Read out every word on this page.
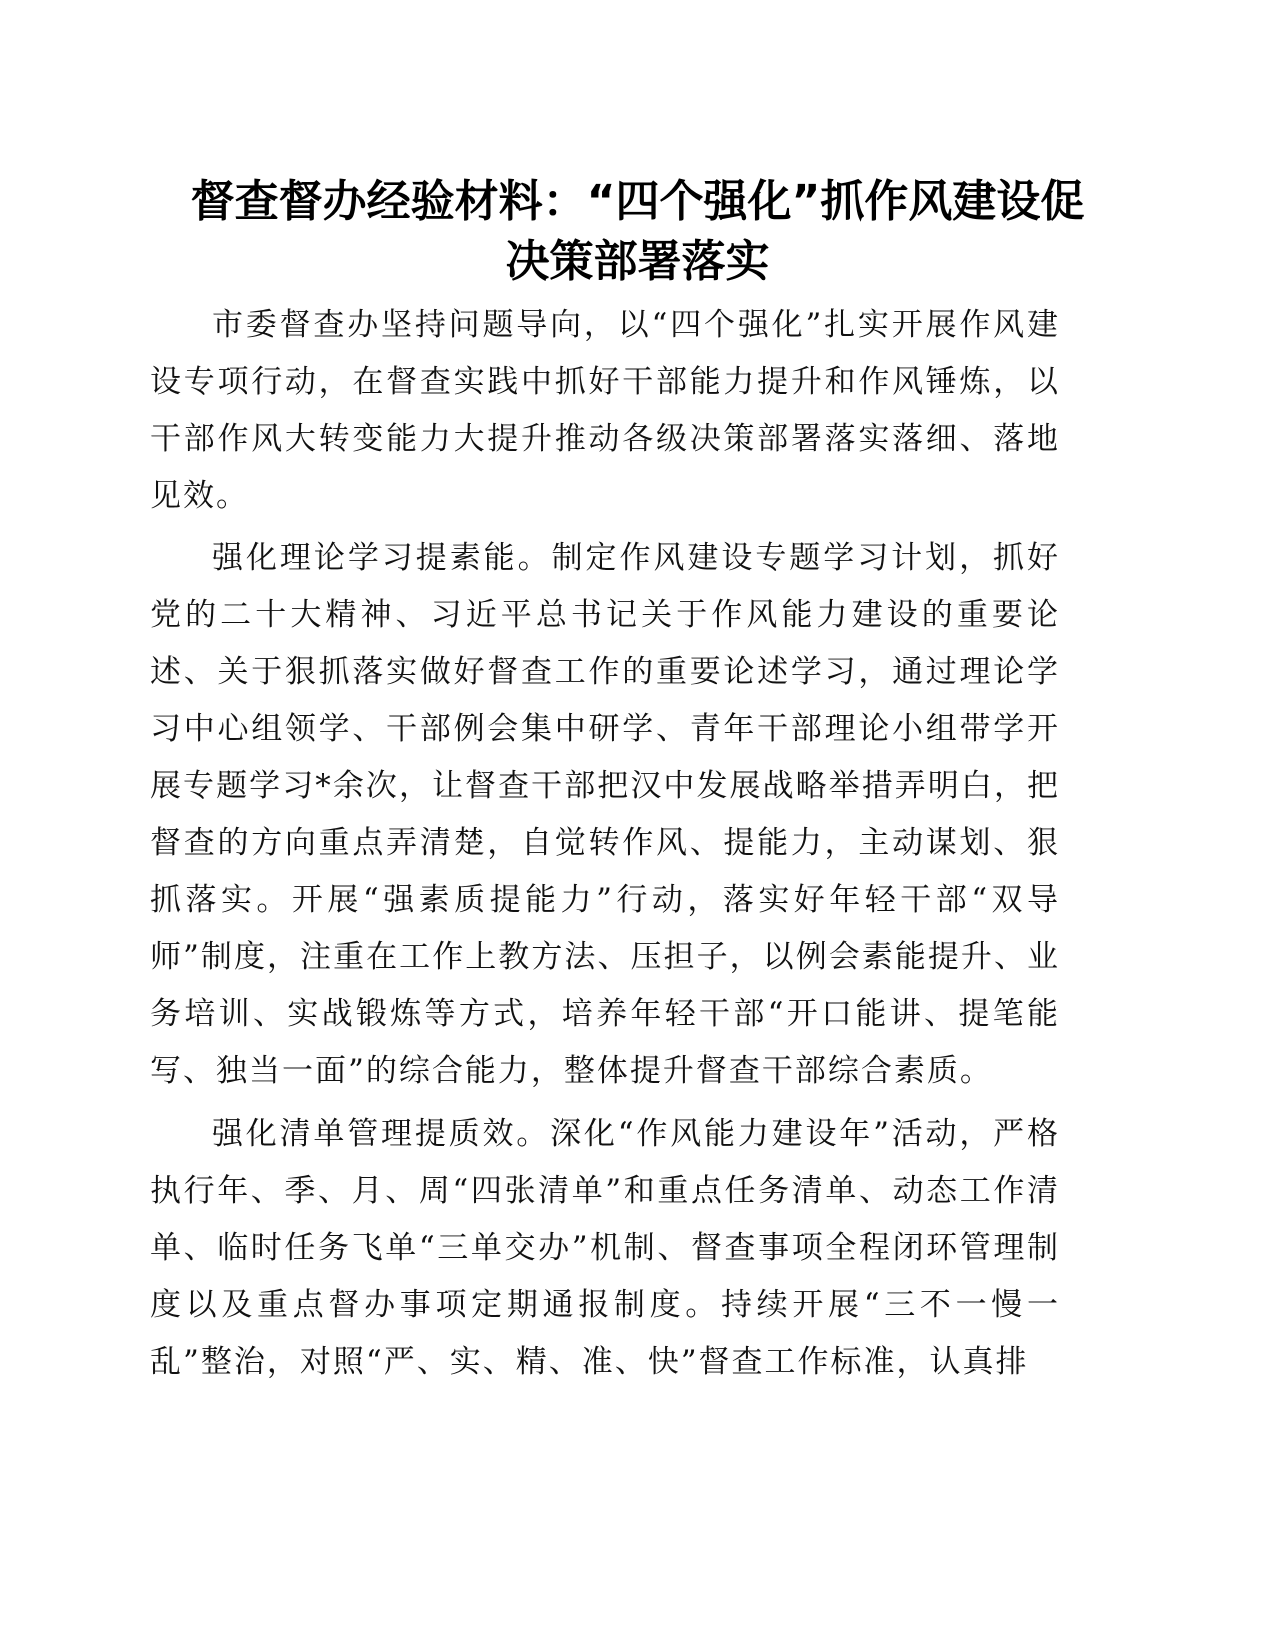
督查督办经验材料：“四个强化”抓作风建设促
决策部署落实

市委督查办坚持问题导向，以“四个强化”扎实开展作风建设专项行动，在督查实践中抓好干部能力提升和作风锤炼，以干部作风大转变能力大提升推动各级决策部署落实落细、落地见效。

强化理论学习提素能。制定作风建设专题学习计划，抓好党的二十大精神、习近平总书记关于作风能力建设的重要论述、关于狠抓落实做好督查工作的重要论述学习，通过理论学习中心组领学、干部例会集中研学、青年干部理论小组带学开展专题学习*余次，让督查干部把汉中发展战略举措弄明白，把督查的方向重点弄清楚，自觉转作风、提能力，主动谋划、狠抓落实。开展“强素质提能力”行动，落实好年轻干部“双导师”制度，注重在工作上教方法、压担子，以例会素能提升、业务培训、实战锻炼等方式，培养年轻干部“开口能讲、提笔能写、独当一面”的综合能力，整体提升督查干部综合素质。

强化清单管理提质效。深化“作风能力建设年”活动，严格执行年、季、月、周“四张清单”和重点任务清单、动态工作清单、临时任务飞单“三单交办”机制、督查事项全程闭环管理制度以及重点督办事项定期通报制度。持续开展“三不一慢一乱”整治，对照“严、实、精、准、快”督查工作标准，认真排
